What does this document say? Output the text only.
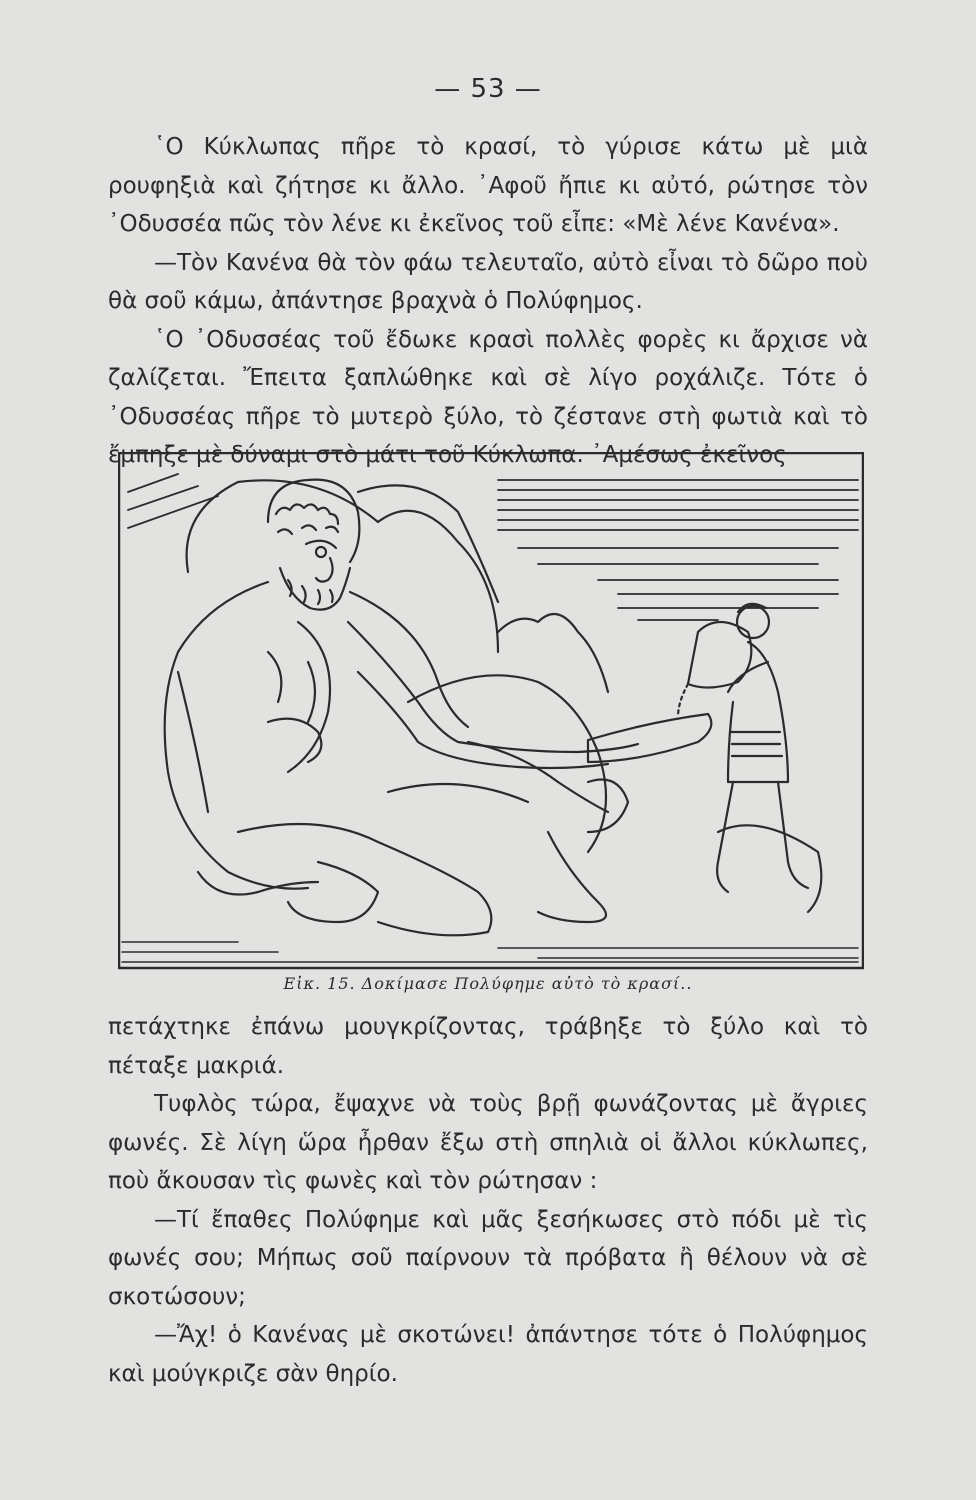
— 53 —

῾Ο Κύκλωπας πῆρε τὸ κρασί, τὸ γύρισε κάτω μὲ μιὰ ρουφηξιὰ καὶ ζήτησε κι ἄλλο. ᾿Αφοῦ ἤπιε κι αὐτό, ρώτησε τὸν ᾿Οδυσσέα πῶς τὸν λένε κι ἐκεῖνος τοῦ εἶπε: «Μὲ λένε Κανένα».

—Τὸν Κανένα θὰ τὸν φάω τελευταῖο, αὐτὸ εἶναι τὸ δῶρο ποὺ θὰ σοῦ κάμω, ἀπάντησε βραχνὰ ὁ Πολύφημος.

῾Ο ᾿Οδυσσέας τοῦ ἔδωκε κρασὶ πολλὲς φορὲς κι ἄρχισε νὰ ζαλίζεται. Ἔπειτα ξαπλώθηκε καὶ σὲ λίγο ροχάλιζε. Τότε ὁ ᾿Οδυσσέας πῆρε τὸ μυτερὸ ξύλο, τὸ ζέστανε στὴ φωτιὰ καὶ τὸ ἔμπηξε μὲ δύναμι στὸ μάτι τοῦ Κύκλωπα. ᾿Αμέσως ἐκεῖνος

Εἰκ. 15. Δοκίμασε Πολύφημε αὐτὸ τὸ κρασί..

πετάχτηκε ἐπάνω μουγκρίζοντας, τράβηξε τὸ ξύλο καὶ τὸ πέταξε μακριά.

Τυφλὸς τώρα, ἔψαχνε νὰ τοὺς βρῇ φωνάζοντας μὲ ἄγριες φωνές. Σὲ λίγη ὥρα ἦρθαν ἔξω στὴ σπηλιὰ οἱ ἄλλοι κύκλωπες, ποὺ ἄκουσαν τὶς φωνὲς καὶ τὸν ρώτησαν :

—Τί ἔπαθες Πολύφημε καὶ μᾶς ξεσήκωσες στὸ πόδι μὲ τὶς φωνές σου; Μήπως σοῦ παίρνουν τὰ πρόβατα ἢ θέλουν νὰ σὲ σκοτώσουν;

—Ἄχ! ὁ Κανένας μὲ σκοτώνει! ἀπάντησε τότε ὁ Πολύφημος καὶ μούγκριζε σὰν θηρίο.
